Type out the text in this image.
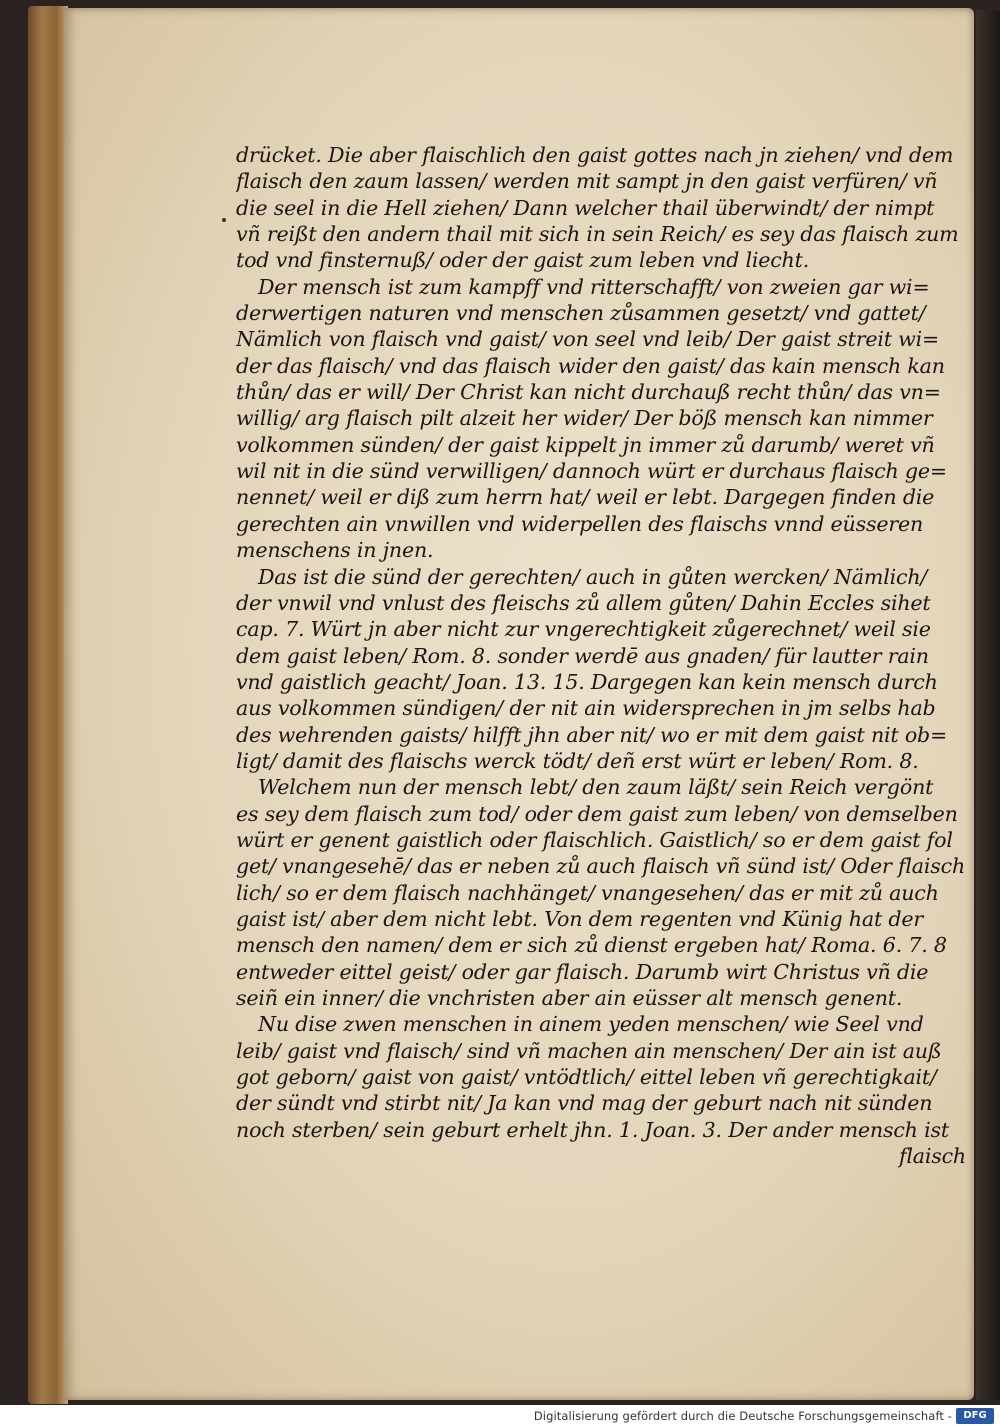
drücket. Die aber flaischlich den gaist gottes nach jn ziehen/ vnd dem
flaisch den zaum lassen/ werden mit sampt jn den gaist verfüren/ vñ
die seel in die Hell ziehen/ Dann welcher thail überwindt/ der nimpt
vñ reißt den andern thail mit sich in sein Reich/ es sey das flaisch zum
tod vnd finsternuß/ oder der gaist zum leben vnd liecht.
Der mensch ist zum kampff vnd ritterschafft/ von zweien gar wi=
derwertigen naturen vnd menschen zůsammen gesetzt/ vnd gattet/
Nämlich von flaisch vnd gaist/ von seel vnd leib/ Der gaist streit wi=
der das flaisch/ vnd das flaisch wider den gaist/ das kain mensch kan
thůn/ das er will/ Der Christ kan nicht durchauß recht thůn/ das vn=
willig/ arg flaisch pilt alzeit her wider/ Der böß mensch kan nimmer
volkommen sünden/ der gaist kippelt jn immer zů darumb/ weret vñ
wil nit in die sünd verwilligen/ dannoch würt er durchaus flaisch ge=
nennet/ weil er diß zum herrn hat/ weil er lebt. Dargegen finden die
gerechten ain vnwillen vnd widerpellen des flaischs vnnd eüsseren
menschens in jnen.
Das ist die sünd der gerechten/ auch in gůten wercken/ Nämlich/
der vnwil vnd vnlust des fleischs zů allem gůten/ Dahin Eccles sihet
cap. 7. Würt jn aber nicht zur vngerechtigkeit zůgerechnet/ weil sie
dem gaist leben/ Rom. 8. sonder werdē aus gnaden/ für lautter rain
vnd gaistlich geacht/ Joan. 13. 15. Dargegen kan kein mensch durch
aus volkommen sündigen/ der nit ain widersprechen in jm selbs hab
des wehrenden gaists/ hilfft jhn aber nit/ wo er mit dem gaist nit ob=
ligt/ damit des flaischs werck tödt/ deñ erst würt er leben/ Rom. 8.
Welchem nun der mensch lebt/ den zaum läßt/ sein Reich vergönt
es sey dem flaisch zum tod/ oder dem gaist zum leben/ von demselben
würt er genent gaistlich oder flaischlich. Gaistlich/ so er dem gaist fol
get/ vnangesehē/ das er neben zů auch flaisch vñ sünd ist/ Oder flaisch
lich/ so er dem flaisch nachhänget/ vnangesehen/ das er mit zů auch
gaist ist/ aber dem nicht lebt. Von dem regenten vnd Künig hat der
mensch den namen/ dem er sich zů dienst ergeben hat/ Roma. 6. 7. 8
entweder eittel geist/ oder gar flaisch. Darumb wirt Christus vñ die
seiñ ein inner/ die vnchristen aber ain eüsser alt mensch genent.
Nu dise zwen menschen in ainem yeden menschen/ wie Seel vnd
leib/ gaist vnd flaisch/ sind vñ machen ain menschen/ Der ain ist auß
got geborn/ gaist von gaist/ vntödtlich/ eittel leben vñ gerechtigkait/
der sündt vnd stirbt nit/ Ja kan vnd mag der geburt nach nit sünden
noch sterben/ sein geburt erhelt jhn. 1. Joan. 3. Der ander mensch ist
flaisch
Digitalisierung gefördert durch die Deutsche Forschungsgemeinschaft -	DFG
